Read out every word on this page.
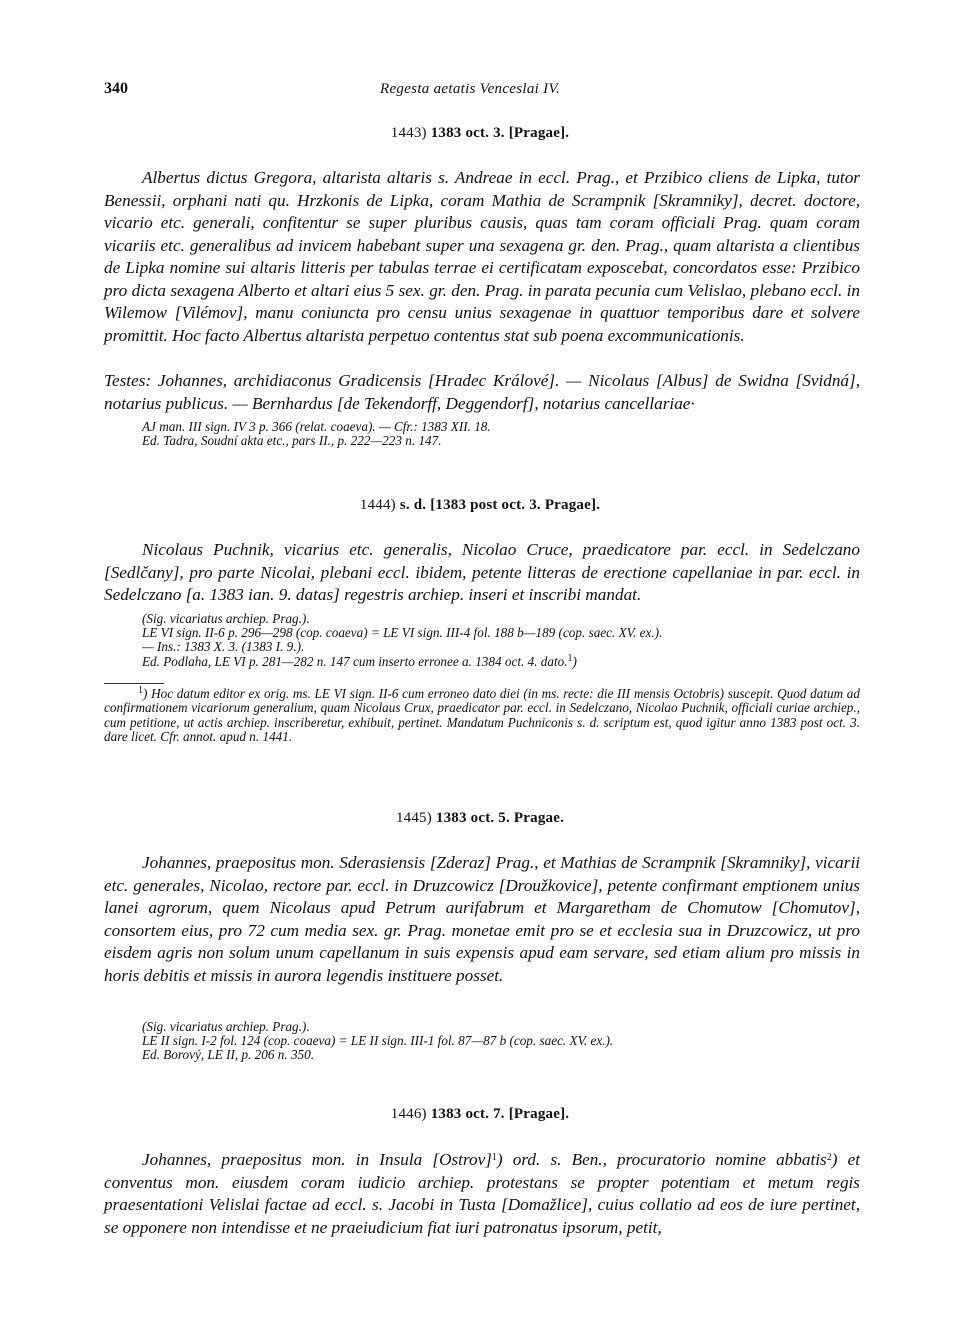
340	Regesta aetatis Venceslai IV.
1443) 1383 oct. 3. [Pragae].
Albertus dictus Gregora, altarista altaris s. Andreae in eccl. Prag., et Przibico cliens de Lipka, tutor Benessii, orphani nati qu. Hrzkonis de Lipka, coram Mathia de Scrampnik [Skramniky], decret. doctore, vicario etc. generali, confitentur se super pluribus causis, quas tam coram officiali Prag. quam coram vicariis etc. generalibus ad invicem habebant super una sexagena gr. den. Prag., quam altarista a clientibus de Lipka nomine sui altaris litteris per tabulas terrae ei certificatam exposcebat, concordatos esse: Przibico pro dicta sexagena Alberto et altari eius 5 sex. gr. den. Prag. in parata pecunia cum Velislao, plebano eccl. in Wilemow [Vilémov], manu coniuncta pro censu unius sexagenae in quattuor temporibus dare et solvere promittit. Hoc facto Albertus altarista perpetuo contentus stat sub poena excommunicationis.
Testes: Johannes, archidiaconus Gradicensis [Hradec Králové]. — Nicolaus [Albus] de Swidna [Svidná], notarius publicus. — Bernhardus [de Tekendorff, Deggendorf], notarius cancellariae·
AJ man. III sign. IV 3 p. 366 (relat. coaeva). — Cfr.: 1383 XII. 18.
Ed. Tadra, Soudní akta etc., pars II., p. 222—223 n. 147.
1444) s. d. [1383 post oct. 3. Pragae].
Nicolaus Puchnik, vicarius etc. generalis, Nicolao Cruce, praedicatore par. eccl. in Sedelczano [Sedlčany], pro parte Nicolai, plebani eccl. ibidem, petente litteras de erectione capellaniae in par. eccl. in Sedelczano [a. 1383 ian. 9. datas] regestris archiep. inseri et inscribi mandat.
(Sig. vicariatus archiep. Prag.).
LE VI sign. II-6 p. 296—298 (cop. coaeva) = LE VI sign. III-4 fol. 188 b—189 (cop. saec. XV. ex.).
— Ins.: 1383 X. 3. (1383 I. 9.).
Ed. Podlaha, LE VI p. 281—282 n. 147 cum inserto erronee a. 1384 oct. 4. dato.$^1$)
$^1$) Hoc datum editor ex orig. ms. LE VI sign. II-6 cum erroneo dato diei (in ms. recte: die III mensis Octobris) suscepit. Quod datum ad confirmationem vicariorum generalium, quam Nicolaus Crux, praedicator par. eccl. in Sedelczano, Nicolao Puchnik, officiali curiae archiep., cum petitione, ut actis archiep. inscriberetur, exhibuit, pertinet. Mandatum Puchniconis s. d. scriptum est, quod igitur anno 1383 post oct. 3. dare licet. Cfr. annot. apud n. 1441.
1445) 1383 oct. 5. Pragae.
Johannes, praepositus mon. Sderasiensis [Zderaz] Prag., et Mathias de Scrampnik [Skramniky], vicarii etc. generales, Nicolao, rectore par. eccl. in Druzcowicz [Droužkovice], petente confirmant emptionem unius lanei agrorum, quem Nicolaus apud Petrum aurifabrum et Margaretham de Chomutow [Chomutov], consortem eius, pro 72 cum media sex. gr. Prag. monetae emit pro se et ecclesia sua in Druzcowicz, ut pro eisdem agris non solum unum capellanum in suis expensis apud eam servare, sed etiam alium pro missis in horis debitis et missis in aurora legendis instituere posset.
(Sig. vicariatus archiep. Prag.).
LE II sign. I-2 fol. 124 (cop. coaeva) = LE II sign. III-1 fol. 87—87 b (cop. saec. XV. ex.).
Ed. Borový, LE II, p. 206 n. 350.
1446) 1383 oct. 7. [Pragae].
Johannes, praepositus mon. in Insula [Ostrov]$^1$) ord. s. Ben., procuratorio nomine abbatis$^2$) et conventus mon. eiusdem coram iudicio archiep. protestans se propter potentiam et metum regis praesentationi Velislai factae ad eccl. s. Jacobi in Tusta [Domažlice], cuius collatio ad eos de iure pertinet, se opponere non intendisse et ne praeiudicium fiat iuri patronatus ipsorum, petit,
